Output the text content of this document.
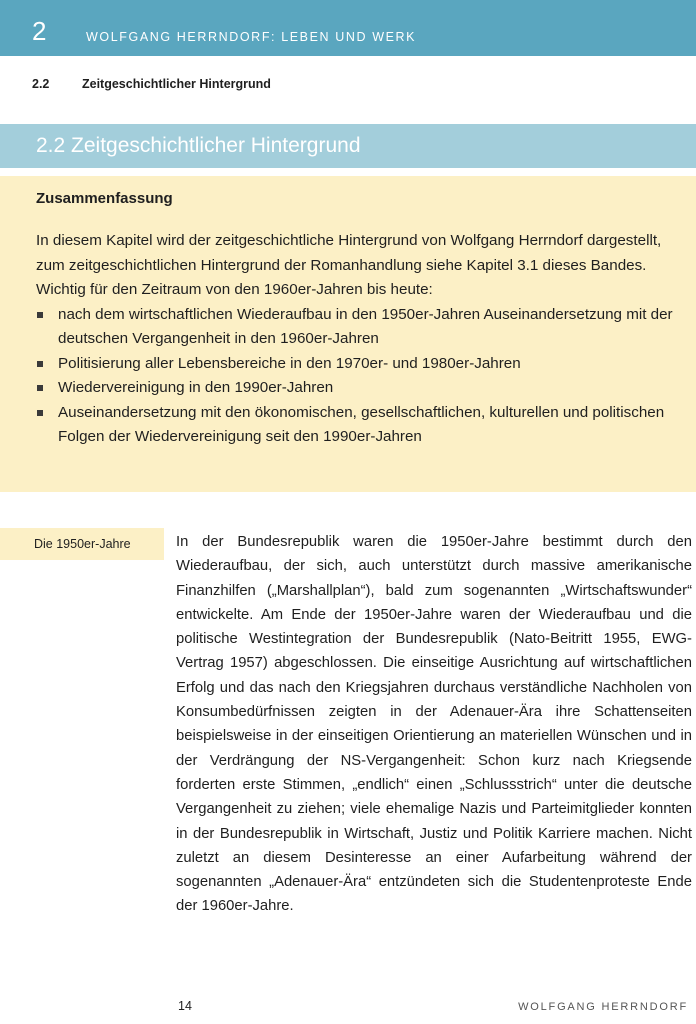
2	WOLFGANG HERRNDORF: LEBEN UND WERK
2.2	Zeitgeschichtlicher Hintergrund
2.2 Zeitgeschichtlicher Hintergrund
Zusammenfassung

In diesem Kapitel wird der zeitgeschichtliche Hintergrund von Wolfgang Herrndorf dargestellt, zum zeitgeschichtlichen Hintergrund der Romanhandlung siehe Kapitel 3.1 dieses Bandes.

Wichtig für den Zeitraum von den 1960er-Jahren bis heute:

nach dem wirtschaftlichen Wiederaufbau in den 1950er-Jahren Auseinandersetzung mit der deutschen Vergangenheit in den 1960er-Jahren
Politisierung aller Lebensbereiche in den 1970er- und 1980er-Jahren
Wiedervereinigung in den 1990er-Jahren
Auseinandersetzung mit den ökonomischen, gesellschaftlichen, kulturellen und politischen Folgen der Wiedervereinigung seit den 1990er-Jahren
Die 1950er-Jahre	In der Bundesrepublik waren die 1950er-Jahre bestimmt durch den Wiederaufbau, der sich, auch unterstützt durch massive amerikanische Finanzhilfen („Marshallplan“), bald zum sogenannten „Wirtschaftswunder“ entwickelte. Am Ende der 1950er-Jahre waren der Wiederaufbau und die politische Westintegration der Bundesrepublik (Nato-Beitritt 1955, EWG-Vertrag 1957) abgeschlossen. Die einseitige Ausrichtung auf wirtschaftlichen Erfolg und das nach den Kriegsjahren durchaus verständliche Nachholen von Konsumbedürfnissen zeigten in der Adenauer-Ära ihre Schattenseiten beispielsweise in der einseitigen Orientierung an materiellen Wünschen und in der Verdrängung der NS-Vergangenheit: Schon kurz nach Kriegsende forderten erste Stimmen, „endlich“ einen „Schlussstrich“ unter die deutsche Vergangenheit zu ziehen; viele ehemalige Nazis und Parteimitglieder konnten in der Bundesrepublik in Wirtschaft, Justiz und Politik Karriere machen. Nicht zuletzt an diesem Desinteresse an einer Aufarbeitung während der sogenannten „Adenauer-Ära“ entzündeten sich die Studentenproteste Ende der 1960er-Jahre.

14	WOLFGANG HERRNDORF
